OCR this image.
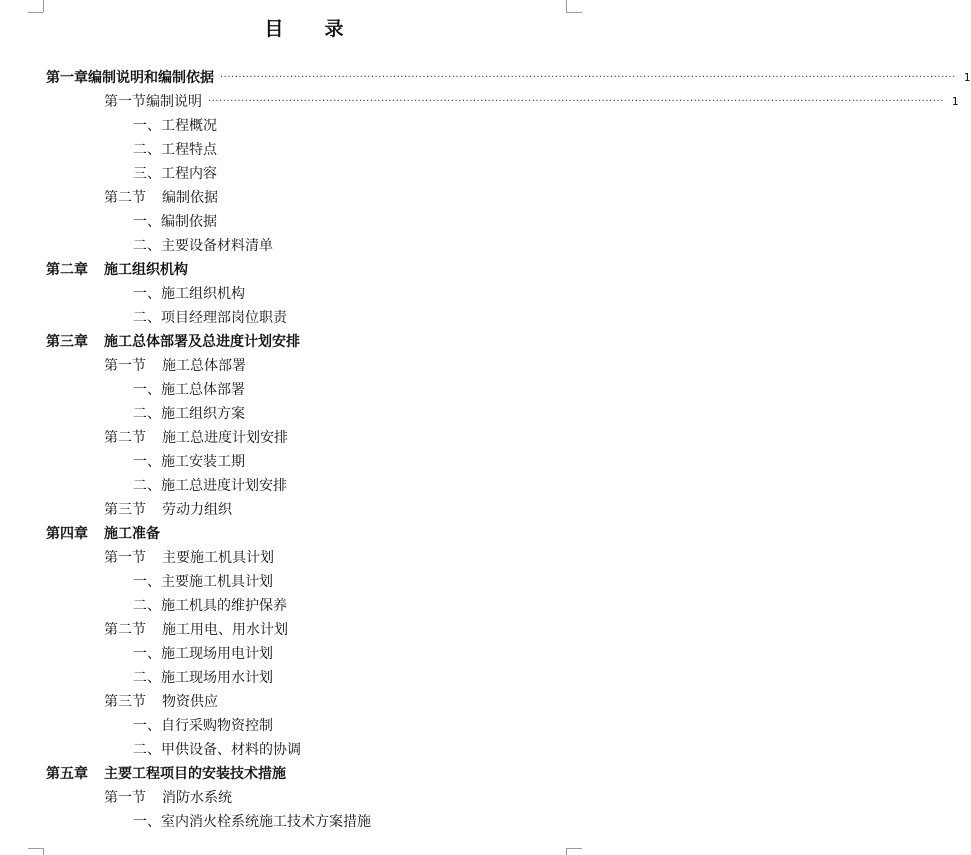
目　　录
第一章 编制说明和编制依据 ········································································································································································································ 1
第一节 编制说明 ········································································································································································································ 1
一、工程概况
二、工程特点
三、工程内容
第二节	编制依据
一、编制依据
二、主要设备材料清单
第二章	施工组织机构
一、施工组织机构
二、项目经理部岗位职责
第三章	施工总体部署及总进度计划安排
第一节	施工总体部署
一、施工总体部署
二、施工组织方案
第二节	施工总进度计划安排
一、施工安装工期
二、施工总进度计划安排
第三节	劳动力组织
第四章	施工准备
第一节	主要施工机具计划
一、主要施工机具计划
二、施工机具的维护保养
第二节	施工用电、用水计划
一、施工现场用电计划
二、施工现场用水计划
第三节	物资供应
一、自行采购物资控制
二、甲供设备、材料的协调
第五章	主要工程项目的安装技术措施
第一节	消防水系统
一、室内消火栓系统施工技术方案措施
